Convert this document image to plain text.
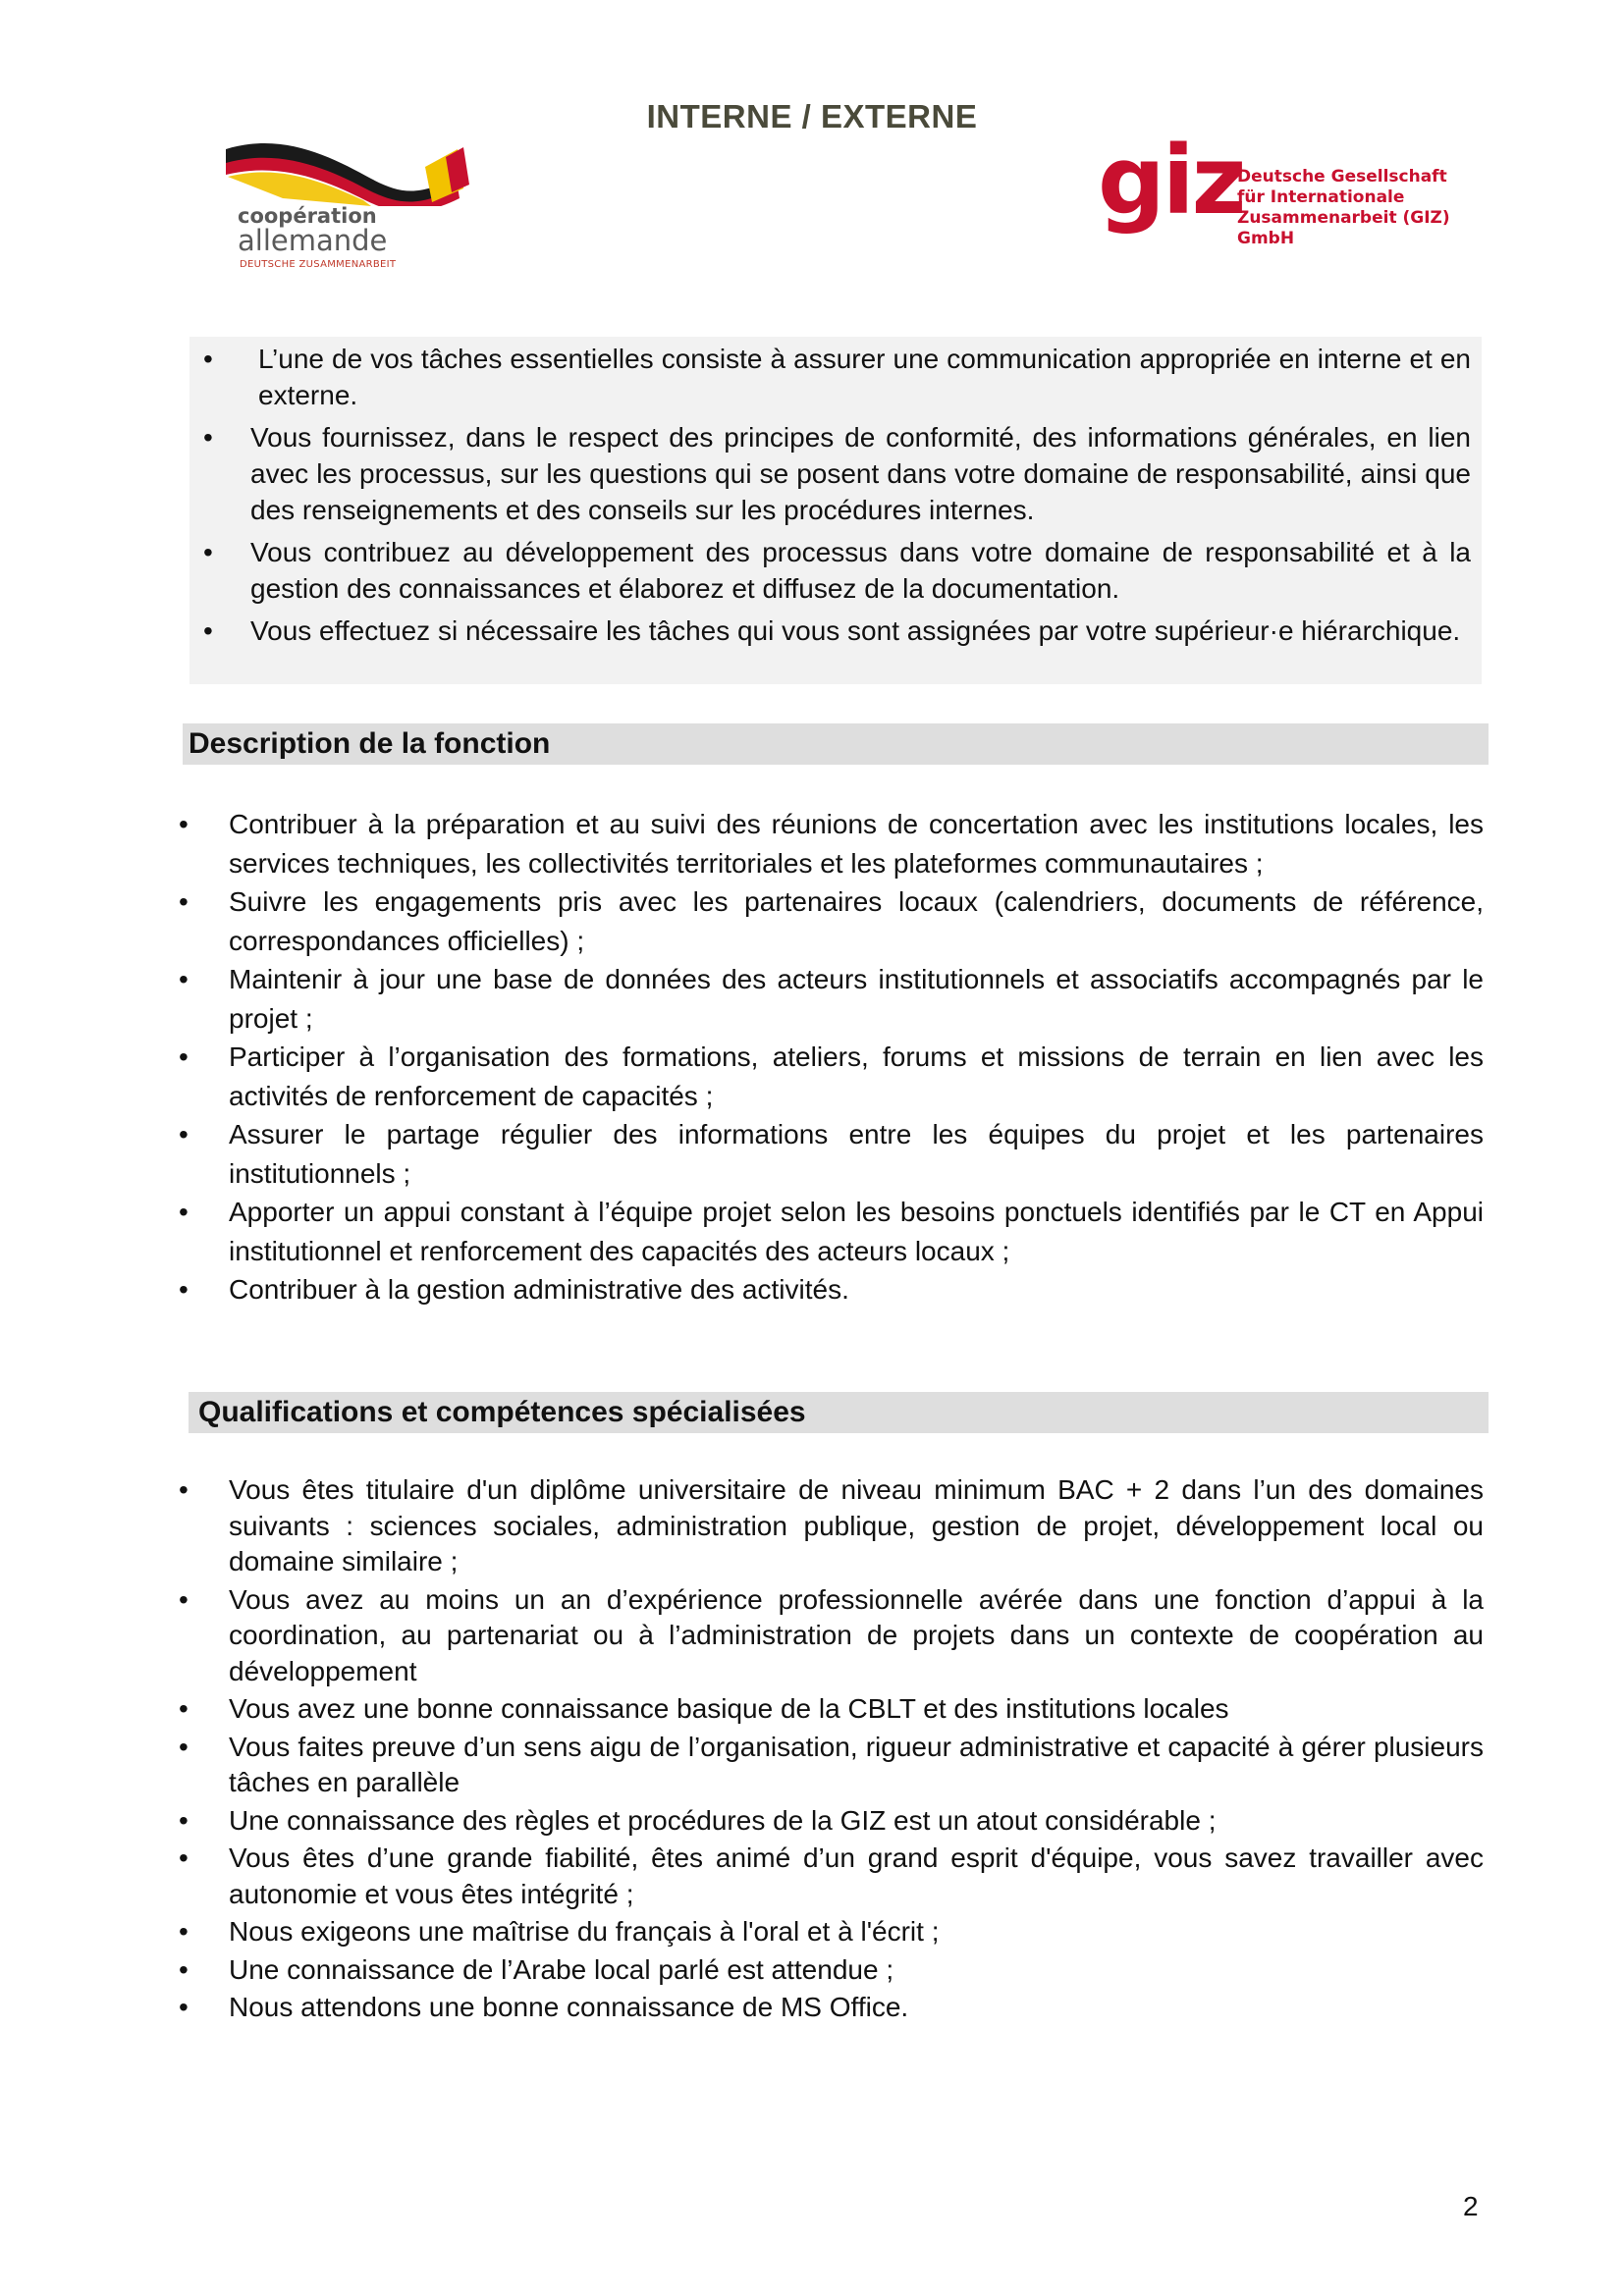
INTERNE / EXTERNE
coopération
allemande
DEUTSCHE ZUSAMMENARBEIT
giz
Deutsche Gesellschaft
für Internationale
Zusammenarbeit (GIZ) GmbH
• L’une de vos tâches essentielles consiste à assurer une communication appropriée en interne et en externe.
• Vous fournissez, dans le respect des principes de conformité, des informations générales, en lien avec les processus, sur les questions qui se posent dans votre domaine de responsabilité, ainsi que des renseignements et des conseils sur les procédures internes.
• Vous contribuez au développement des processus dans votre domaine de responsabilité et à la gestion des connaissances et élaborez et diffusez de la documentation.
• Vous effectuez si nécessaire les tâches qui vous sont assignées par votre supérieur·e hiérarchique.
Description de la fonction
• Contribuer à la préparation et au suivi des réunions de concertation avec les institutions locales, les services techniques, les collectivités territoriales et les plateformes communautaires ;
• Suivre les engagements pris avec les partenaires locaux (calendriers, documents de référence, correspondances officielles) ;
• Maintenir à jour une base de données des acteurs institutionnels et associatifs accompagnés par le projet ;
• Participer à l’organisation des formations, ateliers, forums et missions de terrain en lien avec les activités de renforcement de capacités ;
• Assurer le partage régulier des informations entre les équipes du projet et les partenaires institutionnels ;
• Apporter un appui constant à l’équipe projet selon les besoins ponctuels identifiés par le CT en Appui institutionnel et renforcement des capacités des acteurs locaux ;
• Contribuer à la gestion administrative des activités.
Qualifications et compétences spécialisées
• Vous êtes titulaire d'un diplôme universitaire de niveau minimum BAC + 2 dans l’un des domaines suivants : sciences sociales, administration publique, gestion de projet, développement local ou domaine similaire ;
• Vous avez au moins un an d’expérience professionnelle avérée dans une fonction d’appui à la coordination, au partenariat ou à l’administration de projets dans un contexte de coopération au développement
• Vous avez une bonne connaissance basique de la CBLT et des institutions locales
• Vous faites preuve d’un sens aigu de l’organisation, rigueur administrative et capacité à gérer plusieurs tâches en parallèle
• Une connaissance des règles et procédures de la GIZ est un atout considérable ;
• Vous êtes d’une grande fiabilité, êtes animé d’un grand esprit d'équipe, vous savez travailler avec autonomie et vous êtes intégrité ;
• Nous exigeons une maîtrise du français à l'oral et à l'écrit ;
• Une connaissance de l’Arabe local parlé est attendue ;
• Nous attendons une bonne connaissance de MS Office.
2
